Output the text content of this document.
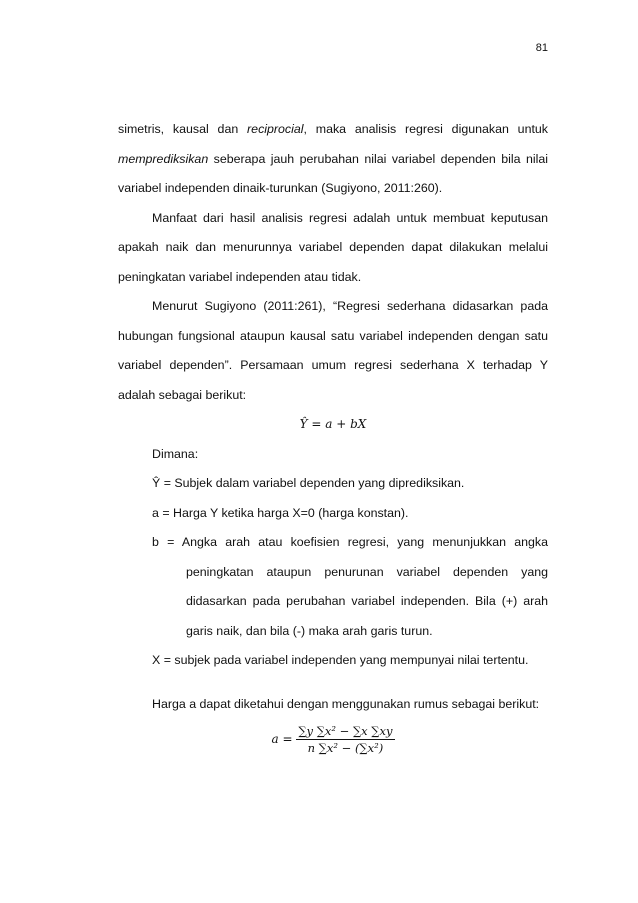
81

simetris, kausal dan reciprocial, maka analisis regresi digunakan untuk memprediksikan seberapa jauh perubahan nilai variabel dependen bila nilai variabel independen dinaik-turunkan (Sugiyono, 2011:260).

Manfaat dari hasil analisis regresi adalah untuk membuat keputusan apakah naik dan menurunnya variabel dependen dapat dilakukan melalui peningkatan variabel independen atau tidak.

Menurut Sugiyono (2011:261), “Regresi sederhana didasarkan pada hubungan fungsional ataupun kausal satu variabel independen dengan satu variabel dependen”. Persamaan umum regresi sederhana X terhadap Y adalah sebagai berikut:

Ŷ = a + bX

Dimana:

Ŷ = Subjek dalam variabel dependen yang diprediksikan.

a = Harga Y ketika harga X=0 (harga konstan).

b = Angka arah atau koefisien regresi, yang menunjukkan angka peningkatan ataupun penurunan variabel dependen yang didasarkan pada perubahan variabel independen. Bila (+) arah garis naik, dan bila (-) maka arah garis turun.

X = subjek pada variabel independen yang mempunyai nilai tertentu.

Harga a dapat diketahui dengan menggunakan rumus sebagai berikut:

$a = \frac{\text{∑y ∑x² − ∑x ∑xy}}{\text{n ∑x² − (∑x²)}}$
